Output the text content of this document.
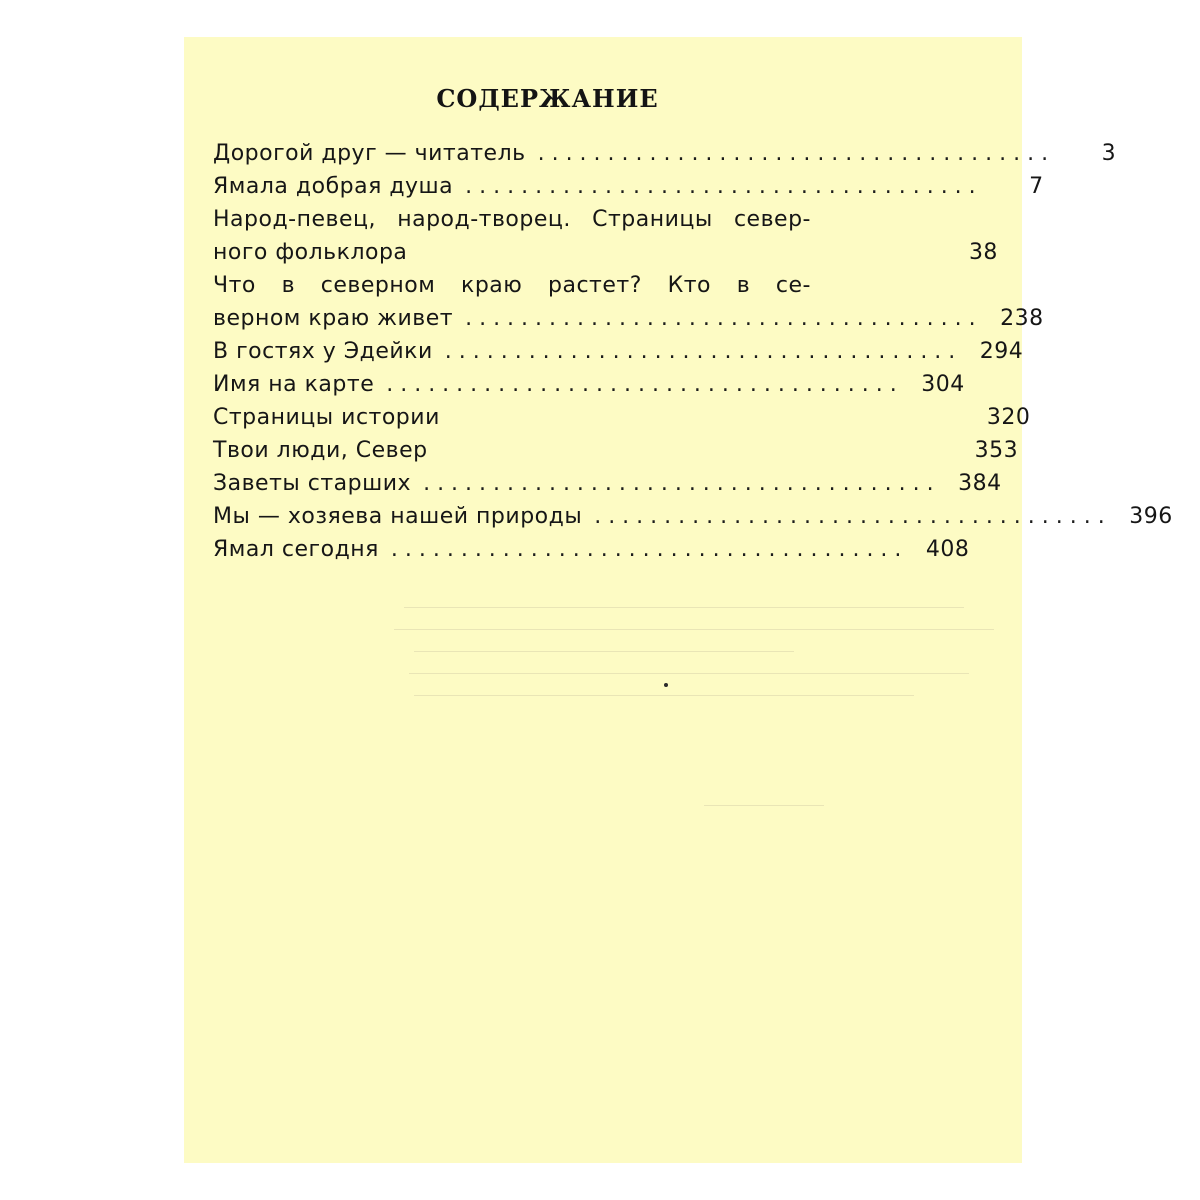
СОДЕРЖАНИЕ
Дорогой друг — читатель . . . . . . . . . . . . . . . . . . . . . . . . . . . . . . . . . . . . .	3
Ямала добрая душа . . . . . . . . . . . . . . . . . . . . . . . . . . . . . . . . . . . . .	7
Народ-певец, народ-творец. Страницы север-
ного фольклора	38
Что в северном краю растет? Кто в се-
верном краю живет . . . . . . . . . . . . . . . . . . . . . . . . . . . . . . . . . . . . . 238
В гостях у Эдейки . . . . . . . . . . . . . . . . . . . . . . . . . . . . . . . . . . . . . 294
Имя на карте . . . . . . . . . . . . . . . . . . . . . . . . . . . . . . . . . . . . . 304
Страницы истории	320
Твои люди, Север	353
Заветы старших . . . . . . . . . . . . . . . . . . . . . . . . . . . . . . . . . . . . . 384
Мы — хозяева нашей природы . . . . . . . . . . . . . . . . . . . . . . . . . . . . . . . . . . . . . 396
Ямал сегодня . . . . . . . . . . . . . . . . . . . . . . . . . . . . . . . . . . . . . 408
